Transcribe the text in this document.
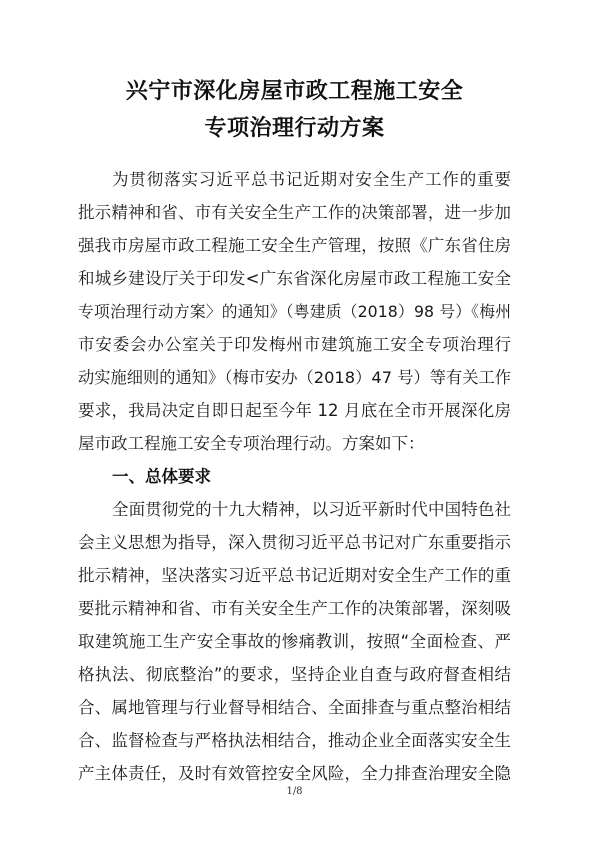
兴宁市深化房屋市政工程施工安全
专项治理行动方案
为贯彻落实习近平总书记近期对安全生产工作的重要
批示精神和省、市有关安全生产工作的决策部署，进一步加
强我市房屋市政工程施工安全生产管理，按照《广东省住房
和城乡建设厅关于印发<广东省深化房屋市政工程施工安全
专项治理行动方案〉的通知》（粤建质（2018）98 号）《梅州
市安委会办公室关于印发梅州市建筑施工安全专项治理行
动实施细则的通知》（梅市安办（2018）47 号）等有关工作
要求，我局决定自即日起至今年 12 月底在全市开展深化房
屋市政工程施工安全专项治理行动。方案如下：
一、总体要求
全面贯彻党的十九大精神，以习近平新时代中国特色社
会主义思想为指导，深入贯彻习近平总书记对广东重要指示
批示精神，坚决落实习近平总书记近期对安全生产工作的重
要批示精神和省、市有关安全生产工作的决策部署，深刻吸
取建筑施工生产安全事故的惨痛教训，按照“全面检查、严
格执法、彻底整治”的要求，坚持企业自查与政府督查相结
合、属地管理与行业督导相结合、全面排查与重点整治相结
合、监督检查与严格执法相结合，推动企业全面落实安全生
产主体责任，及时有效管控安全风险，全力排查治理安全隐
1/8
